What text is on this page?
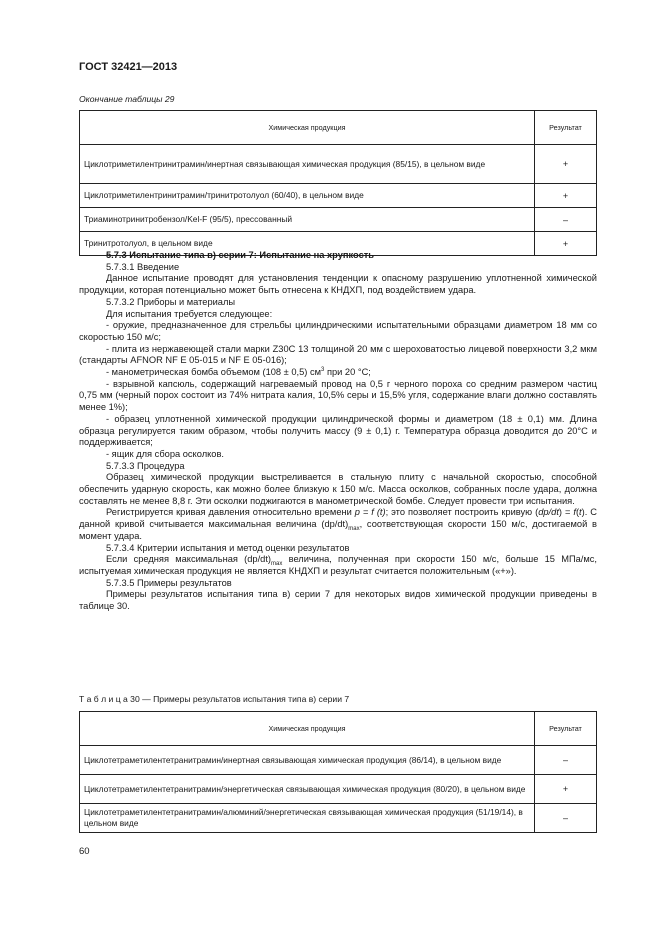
ГОСТ 32421—2013
Окончание таблицы 29
Химическая продукция	Результат
Циклотриметилентринитрамин/инертная связывающая химическая продукция (85/15), в цельном виде	+
Циклотриметилентринитрамин/тринитротолуол (60/40), в цельном виде	+
Триаминотринитробензол/Kel-F (95/5), прессованный	–
Тринитротолуол, в цельном виде	+

5.7.3 Испытание типа в) серии 7: Испытание на хрупкость

5.7.3.1 Введение

Данное испытание проводят для установления тенденции к опасному разрушению уплотненной химической продукции, которая потенциально может быть отнесена к КНДХП, под воздействием удара.

5.7.3.2 Приборы и материалы

Для испытания требуется следующее:

- оружие, предназначенное для стрельбы цилиндрическими испытательными образцами диаметром 18 мм со скоростью 150 м/с;

- плита из нержавеющей стали марки Z30C 13 толщиной 20 мм с шероховатостью лицевой поверхности 3,2 мкм (стандарты AFNOR NF E 05-015 и NF E 05-016);

- манометрическая бомба объемом (108 ± 0,5) $см^3$ при 20 °С;

- взрывной капсюль, содержащий нагреваемый провод на 0,5 г черного пороха со средним размером частиц 0,75 мм (черный порох состоит из 74% нитрата калия, 10,5% серы и 15,5% угля, содержание влаги должно составлять менее 1%);

- образец уплотненной химической продукции цилиндрической формы и диаметром (18 ± 0,1) мм. Длина образца регулируется таким образом, чтобы получить массу (9 ± 0,1) г. Температура образца доводится до 20°С и поддерживается;

- ящик для сбора осколков.

5.7.3.3 Процедура

Образец химической продукции выстреливается в стальную плиту с начальной скоростью, способной обеспечить ударную скорость, как можно более близкую к 150 м/с. Масса осколков, собранных после удара, должна составлять не менее 8,8 г. Эти осколки поджигаются в манометрической бомбе. Следует провести три испытания.

Регистрируется кривая давления относительно времени p = f (t); это позволяет построить кривую (dp/dt) = f(t). С данной кривой считывается максимальная величина $(dp/dt)_{max}$, соответствующая скорости 150 м/с, достигаемой в момент удара.

5.7.3.4 Критерии испытания и метод оценки результатов

Если средняя максимальная $(dp/dt)_{max}$ величина, полученная при скорости 150 м/с, больше 15 МПа/мс, испытуемая химическая продукция не является КНДХП и результат считается положительным («+»).

5.7.3.5 Примеры результатов

Примеры результатов испытания типа в) серии 7 для некоторых видов химической продукции приведены в таблице 30.

Т а б л и ц а 30 — Примеры результатов испытания типа в) серии 7
Химическая продукция	Результат
Циклотетраметилентетранитрамин/инертная связывающая химическая продукция (86/14), в цельном виде	–
Циклотетраметилентетранитрамин/энергетическая связывающая химическая продукция (80/20), в цельном виде	+
Циклотетраметилентетранитрамин/алюминий/энергетическая связывающая химическая продукция (51/19/14), в цельном виде	–
60
